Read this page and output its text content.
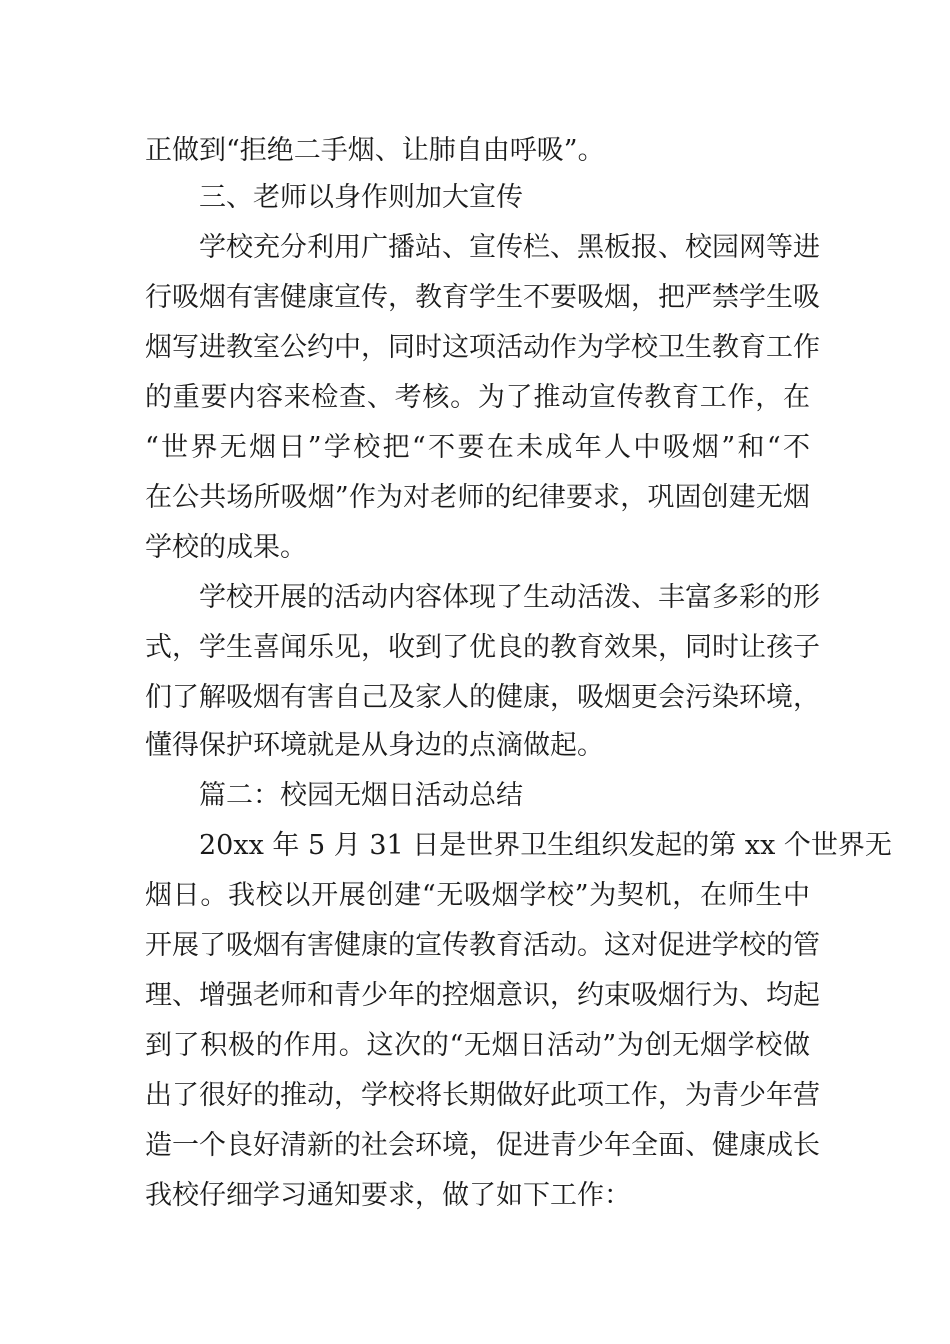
正做到“拒绝二手烟、让肺自由呼吸”。
三、老师以身作则加大宣传
学校充分利用广播站、宣传栏、黑板报、校园网等进
行吸烟有害健康宣传，教育学生不要吸烟，把严禁学生吸
烟写进教室公约中，同时这项活动作为学校卫生教育工作
的重要内容来检查、考核。为了推动宣传教育工作，在
“世界无烟日”学校把“不要在未成年人中吸烟”和“不
在公共场所吸烟”作为对老师的纪律要求，巩固创建无烟
学校的成果。
学校开展的活动内容体现了生动活泼、丰富多彩的形
式，学生喜闻乐见，收到了优良的教育效果，同时让孩子
们了解吸烟有害自己及家人的健康，吸烟更会污染环境，
懂得保护环境就是从身边的点滴做起。
篇二：校园无烟日活动总结
20xx 年 5 月 31 日是世界卫生组织发起的第 xx 个世界无
烟日。我校以开展创建“无吸烟学校”为契机，在师生中
开展了吸烟有害健康的宣传教育活动。这对促进学校的管
理、增强老师和青少年的控烟意识，约束吸烟行为、均起
到了积极的作用。这次的“无烟日活动”为创无烟学校做
出了很好的推动，学校将长期做好此项工作，为青少年营
造一个良好清新的社会环境，促进青少年全面、健康成长
我校仔细学习通知要求，做了如下工作：
